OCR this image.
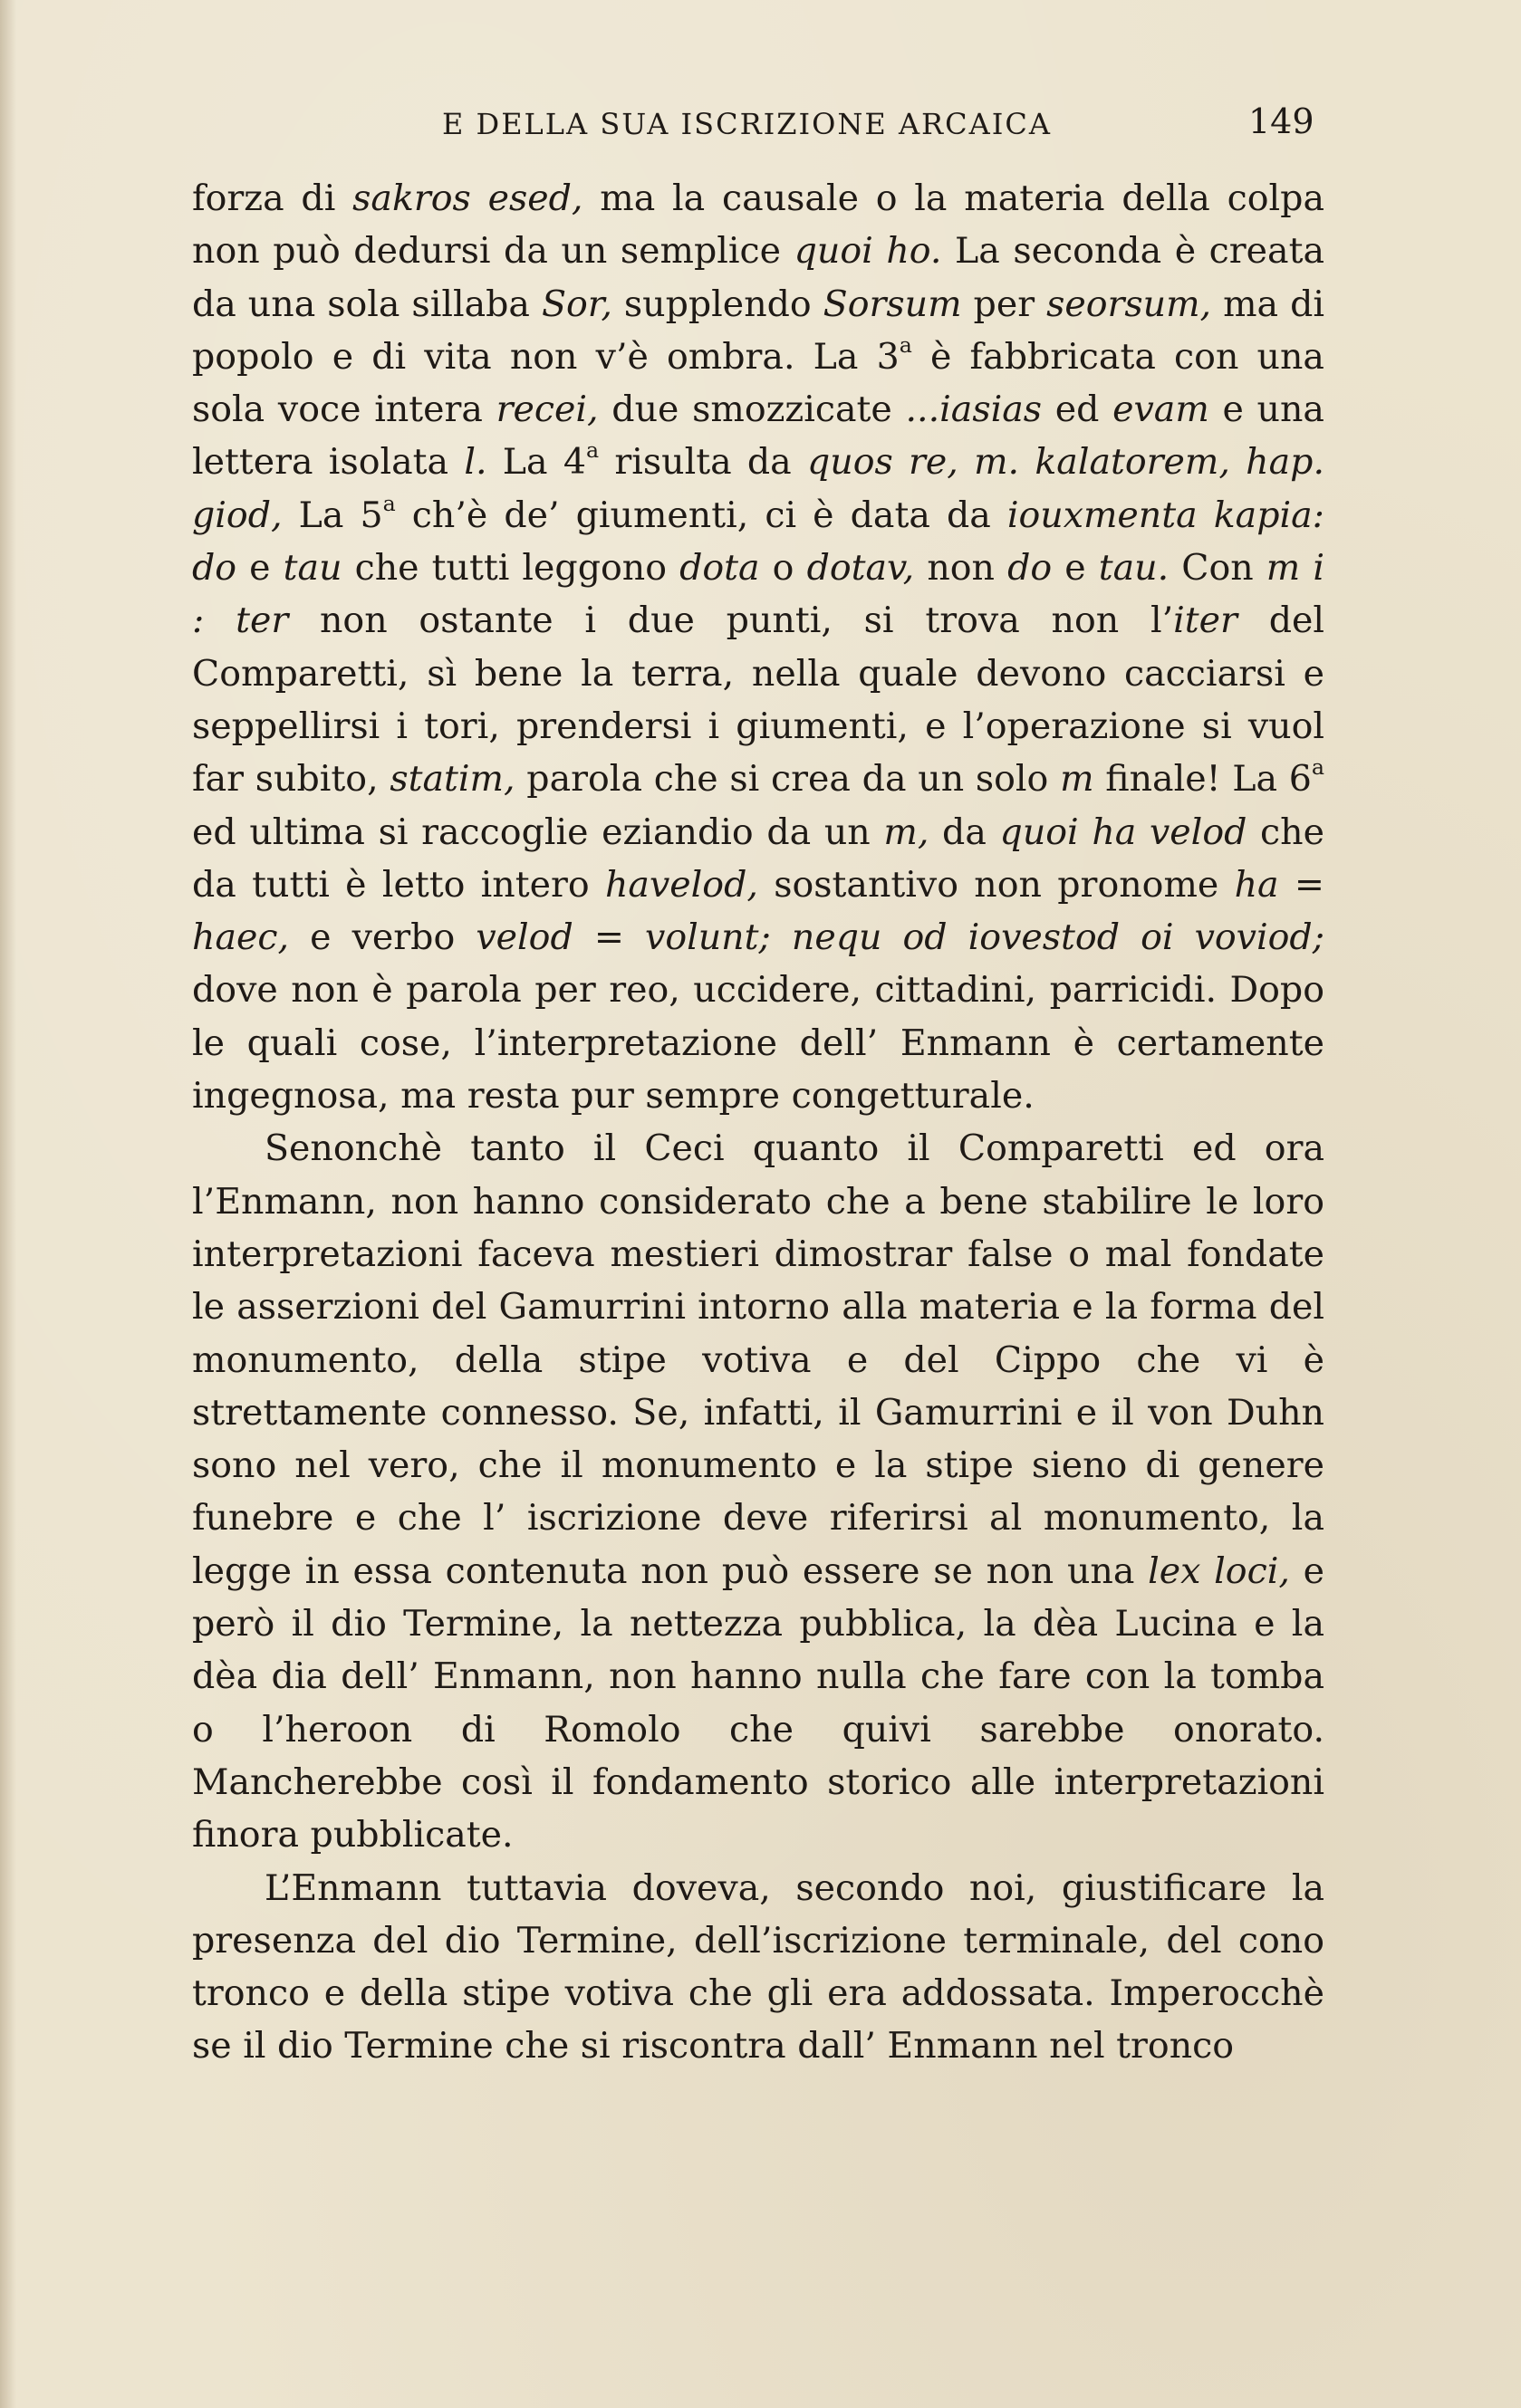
E DELLA SUA ISCRIZIONE ARCAICA	149

forza di sakros esed, ma la causale o la materia della colpa non può dedursi da un semplice quoi ho. La seconda è creata da una sola sillaba Sor, supplendo Sorsum per seorsum, ma di popolo e di vita non v’è ombra. La 3$^a$ è fabbricata con una sola voce intera recei, due smozzicate ...iasias ed evam e una lettera isolata l. La 4$^a$ risulta da quos re, m. kalatorem, hap. giod, La 5$^a$ ch’è de’ giumenti, ci è data da iouxmenta kapia: do e tau che tutti leggono dota o dotav, non do e tau. Con m i : ter non ostante i due punti, si trova non l’iter del Comparetti, sì bene la terra, nella quale devono cacciarsi e seppellirsi i tori, prendersi i giumenti, e l’operazione si vuol far subito, statim, parola che si crea da un solo m finale! La 6$^a$ ed ultima si raccoglie eziandio da un m, da quoi ha velod che da tutti è letto intero havelod, sostantivo non pronome ha = haec, e verbo velod = volunt; nequ od iovestod oi voviod; dove non è parola per reo, uccidere, cittadini, parricidi. Dopo le quali cose, l’interpretazione dell’ Enmann è certamente ingegnosa, ma resta pur sempre congetturale.

Senonchè tanto il Ceci quanto il Comparetti ed ora l’Enmann, non hanno considerato che a bene stabilire le loro interpretazioni faceva mestieri dimostrar false o mal fondate le asserzioni del Gamurrini intorno alla materia e la forma del monumento, della stipe votiva e del Cippo che vi è strettamente connesso. Se, infatti, il Gamurrini e il von Duhn sono nel vero, che il monumento e la stipe sieno di genere funebre e che l’ iscrizione deve riferirsi al monumento, la legge in essa contenuta non può essere se non una lex loci, e però il dio Termine, la nettezza pubblica, la dèa Lucina e la dèa dia dell’ Enmann, non hanno nulla che fare con la tomba o l’heroon di Romolo che quivi sarebbe onorato. Mancherebbe così il fondamento storico alle interpretazioni finora pubblicate.

L’Enmann tuttavia doveva, secondo noi, giustificare la presenza del dio Termine, dell’iscrizione terminale, del cono tronco e della stipe votiva che gli era addossata. Imperocchè se il dio Termine che si riscontra dall’ Enmann nel tronco
